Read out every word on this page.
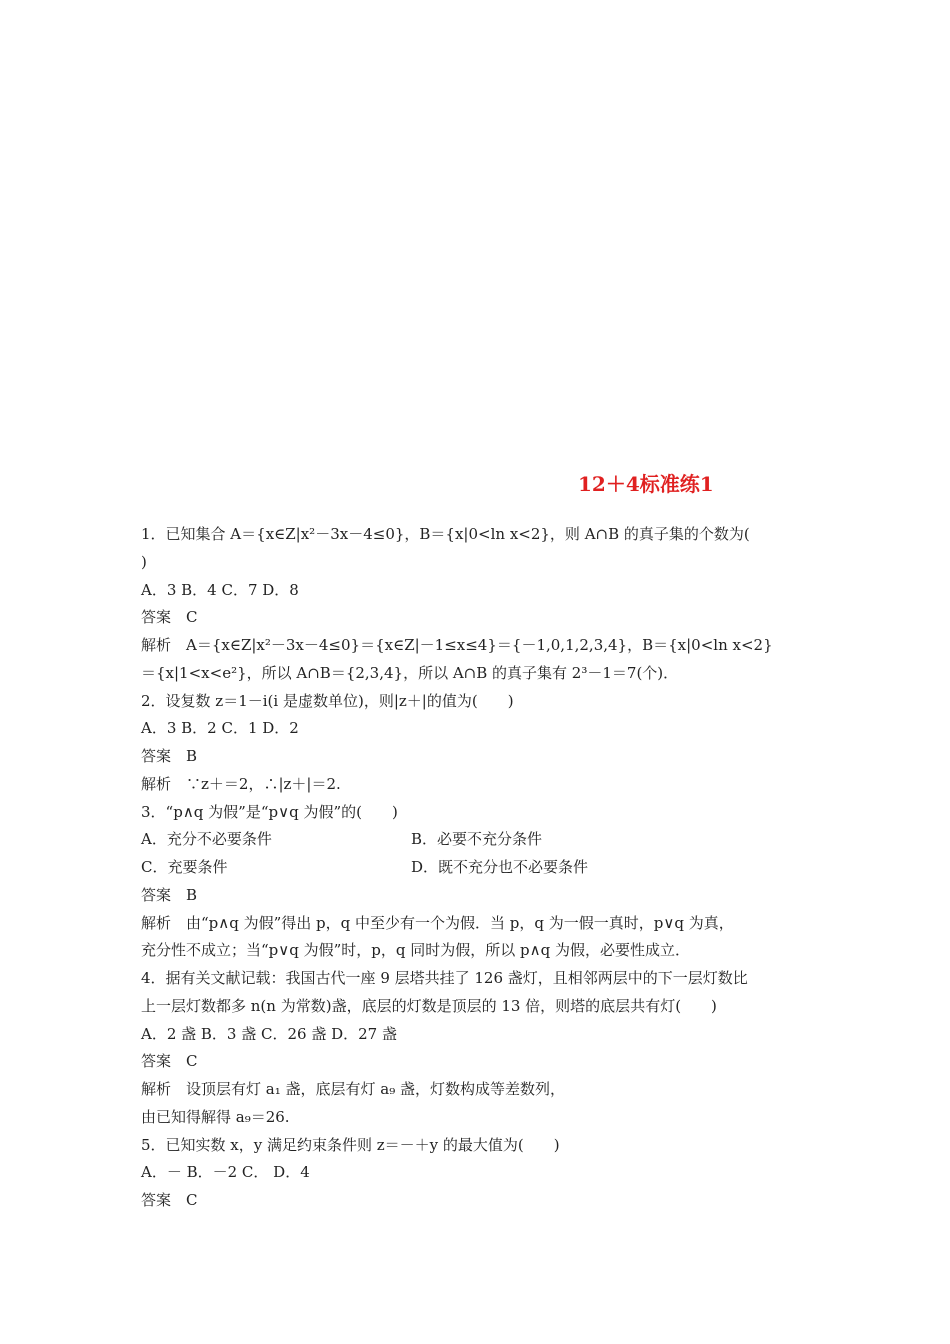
12＋4标准练1
1．已知集合 A＝{x∈Z|x²－3x－4≤0}，B＝{x|0<ln x<2}，则 A∩B 的真子集的个数为(
)
A．3 B．4 C．7 D．8
答案　C
解析　A＝{x∈Z|x²－3x－4≤0}＝{x∈Z|－1≤x≤4}＝{－1,0,1,2,3,4}，B＝{x|0<ln x<2}
＝{x|1<x<e²}，所以 A∩B＝{2,3,4}，所以 A∩B 的真子集有 2³－1＝7(个)．
2．设复数 z＝1－i(i 是虚数单位)，则|z＋|的值为(　　)
A．3 B．2 C．1 D．2
答案　B
解析　∵z＋＝2，∴|z＋|＝2.
3．“p∧q 为假”是“p∨q 为假”的(　　)
A．充分不必要条件	B．必要不充分条件
C．充要条件	D．既不充分也不必要条件
答案　B
解析　由“p∧q 为假”得出 p，q 中至少有一个为假．当 p，q 为一假一真时，p∨q 为真，
充分性不成立；当“p∨q 为假”时，p，q 同时为假，所以 p∧q 为假，必要性成立．
4．据有关文献记载：我国古代一座 9 层塔共挂了 126 盏灯，且相邻两层中的下一层灯数比
上一层灯数都多 n(n 为常数)盏，底层的灯数是顶层的 13 倍，则塔的底层共有灯(　　)
A．2 盏 B．3 盏 C．26 盏 D．27 盏
答案　C
解析　设顶层有灯 a₁ 盏，底层有灯 a₉ 盏，灯数构成等差数列，
由已知得解得 a₉＝26.
5．已知实数 x，y 满足约束条件则 z＝－＋y 的最大值为(　　)
A．－ B．－2 C． D．4
答案　C
